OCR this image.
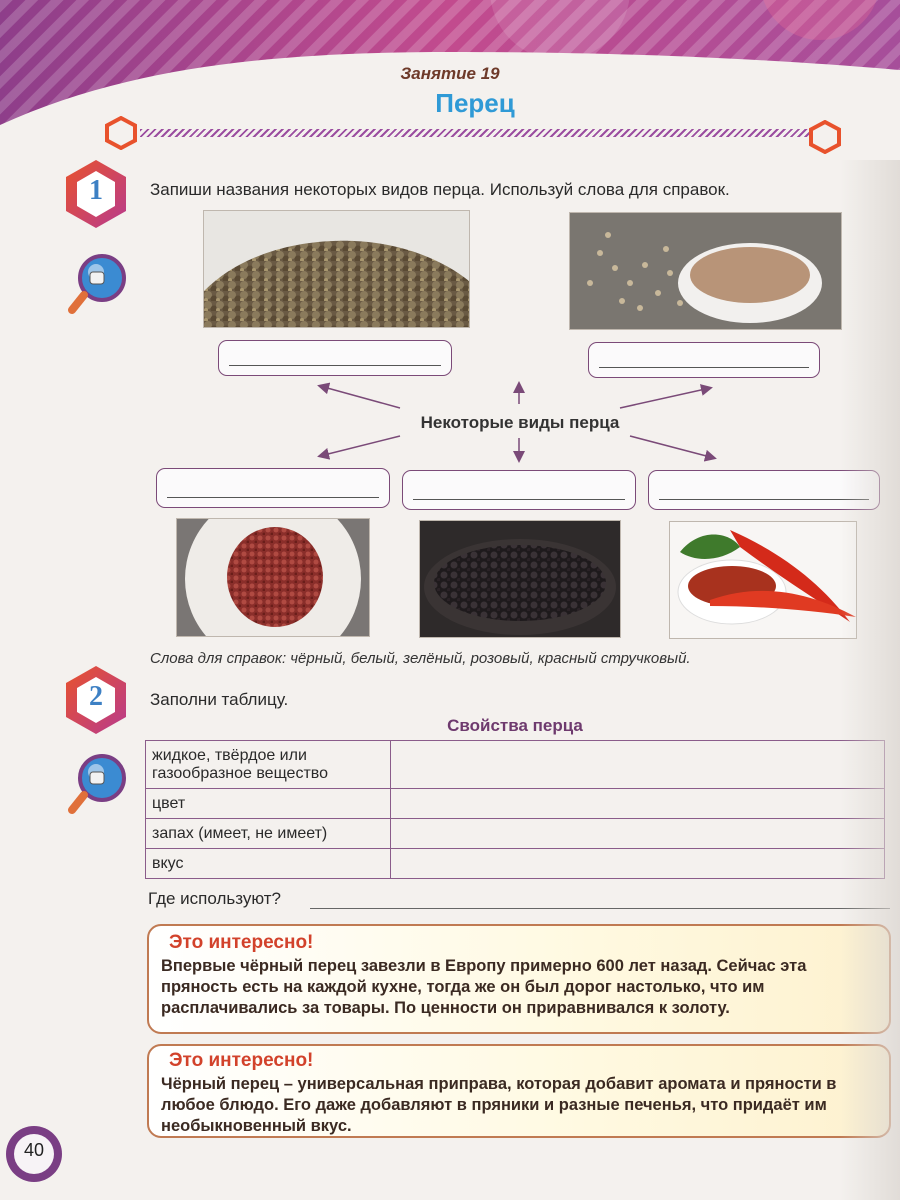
Занятие 19
Перец
1	Запиши названия некоторых видов перца. Используй слова для справок.
Некоторые виды перца
Слова для справок: чёрный, белый, зелёный, розовый, красный стручковый.
2	Заполни таблицу.
Свойства перца
жидкое, твёрдое или газообразное вещество	
цвет	
запах (имеет, не имеет)	
вкус	
Где используют?
Это интересно!
Впервые чёрный перец завезли в Европу примерно 600 лет назад. Сейчас эта пряность есть на каждой кухне, тогда же он был дорог настолько, что им расплачивались за товары. По ценности он приравнивался к золоту.
Это интересно!
Чёрный перец – универсальная приправа, которая добавит аромата и пряности в любое блюдо. Его даже добавляют в пряники и разные печенья, что придаёт им необыкновенный вкус.
40
